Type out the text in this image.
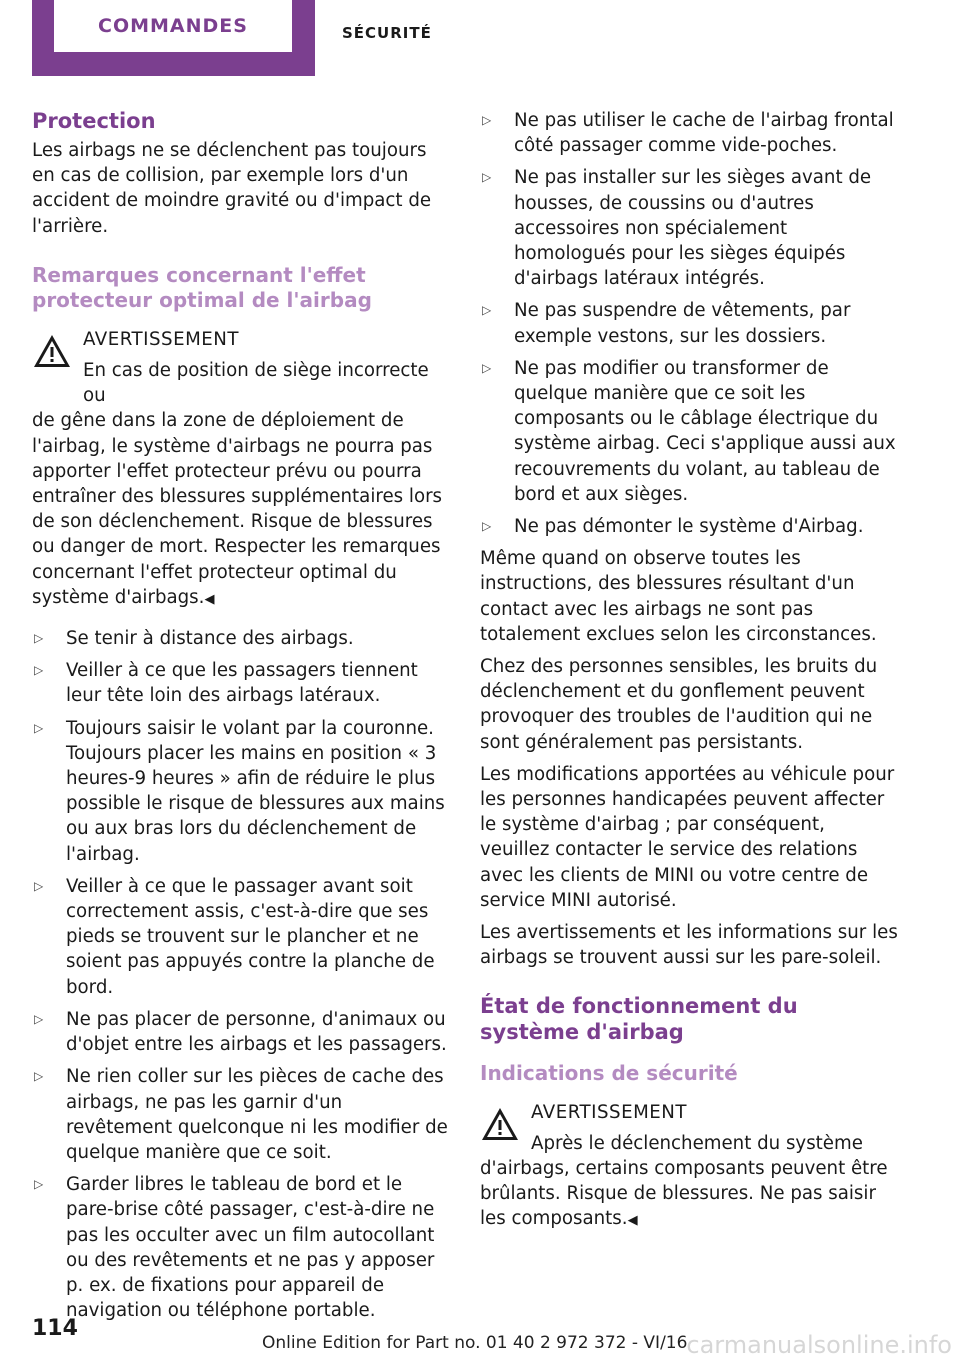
COMMANDES	SÉCURITÉ
Protection
Les airbags ne se déclenchent pas toujours en cas de collision, par exemple lors d'un accident de moindre gravité ou d'impact de l'arrière.
Remarques concernant l'effet protecteur optimal de l'airbag
AVERTISSEMENT
En cas de position de siège incorrecte ou
de gêne dans la zone de déploiement de l'airbag, le système d'airbags ne pourra pas apporter l'effet protecteur prévu ou pourra entraîner des blessures supplémentaires lors de son déclenchement. Risque de blessures ou danger de mort. Respecter les remarques concernant l'effet protecteur optimal du système d'airbags.◀
▷ Se tenir à distance des airbags.
▷ Veiller à ce que les passagers tiennent leur tête loin des airbags latéraux.
▷ Toujours saisir le volant par la couronne. Toujours placer les mains en position « 3 heures-9 heures » afin de réduire le plus possible le risque de blessures aux mains ou aux bras lors du déclenchement de l'airbag.
▷ Veiller à ce que le passager avant soit correctement assis, c'est-à-dire que ses pieds se trouvent sur le plancher et ne soient pas appuyés contre la planche de bord.
▷ Ne pas placer de personne, d'animaux ou d'objet entre les airbags et les passagers.
▷ Ne rien coller sur les pièces de cache des airbags, ne pas les garnir d'un revêtement quelconque ni les modifier de quelque manière que ce soit.
▷ Garder libres le tableau de bord et le pare-brise côté passager, c'est-à-dire ne pas les occulter avec un film autocollant ou des revêtements et ne pas y apposer p. ex. de fixations pour appareil de navigation ou téléphone portable.
▷ Ne pas utiliser le cache de l'airbag frontal côté passager comme vide-poches.
▷ Ne pas installer sur les sièges avant de housses, de coussins ou d'autres accessoires non spécialement homologués pour les sièges équipés d'airbags latéraux intégrés.
▷ Ne pas suspendre de vêtements, par exemple vestons, sur les dossiers.
▷ Ne pas modifier ou transformer de quelque manière que ce soit les composants ou le câblage électrique du système airbag. Ceci s'applique aussi aux recouvrements du volant, au tableau de bord et aux sièges.
▷ Ne pas démonter le système d'Airbag.
Même quand on observe toutes les instructions, des blessures résultant d'un contact avec les airbags ne sont pas totalement exclues selon les circonstances.
Chez des personnes sensibles, les bruits du déclenchement et du gonflement peuvent provoquer des troubles de l'audition qui ne sont généralement pas persistants.
Les modifications apportées au véhicule pour les personnes handicapées peuvent affecter le système d'airbag ; par conséquent, veuillez contacter le service des relations avec les clients de MINI ou votre centre de service MINI autorisé.
Les avertissements et les informations sur les airbags se trouvent aussi sur les pare-soleil.
État de fonctionnement du système d'airbag
Indications de sécurité
AVERTISSEMENT
Après le déclenchement du système
d'airbags, certains composants peuvent être brûlants. Risque de blessures. Ne pas saisir les composants.◀
114
Online Edition for Part no. 01 40 2 972 372 - VI/16
carmanualsonline.info
